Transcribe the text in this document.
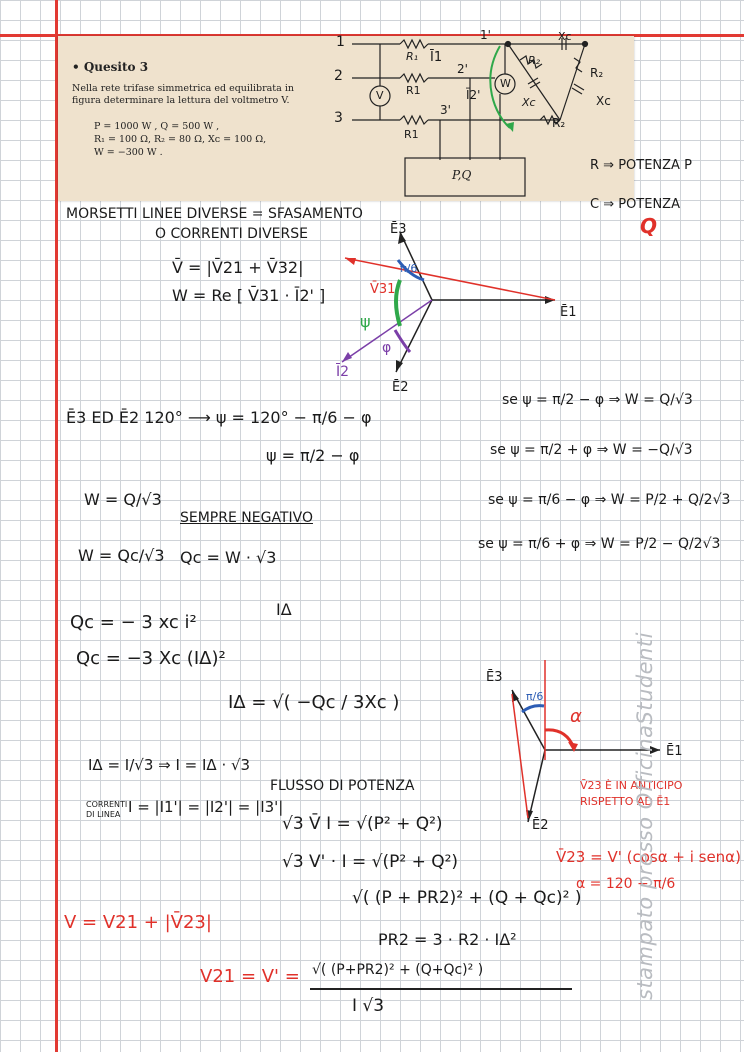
• Quesito 3
Nella rete trifase simmetrica ed equilibrata in figura determinare la lettura del voltmetro V.
P = 1000 W , Q = 500 W ,
R₁ = 100 Ω, R₂ = 80 Ω, Xᴄ = 100 Ω,
W = −300 W .
1
2
3
1'
2'
3'
R₁
R1
R1
Ī1
Ī2'
V
W
Xc
Xc	Xc
R₂
R₂
R₂
P,Q
R ⇒ POTENZA P
C ⇒ POTENZA
Q
MORSETTI LINEE DIVERSE = SFASAMENTO
O CORRENTI DIVERSE
V̄ = |V̄21 + V̄32|
W = Re [ V̄31 · Ī2' ]
Ē3
Ē1
Ē2
V̄31
Ī2
ψ
φ
π/6
Ē3 ED Ē2 120° ⟶ ψ = 120° − π/6 − φ
ψ = π/2 − φ
se ψ = π/2 − φ ⇒ W = Q/√3
se ψ = π/2 + φ ⇒ W = −Q/√3
se ψ = π/6 − φ ⇒ W = P/2 + Q/2√3
se ψ = π/6 + φ ⇒ W = P/2 − Q/2√3
W = Q/√3
SEMPRE NEGATIVO
W = Qc/√3 Qc = W · √3
Qc = − 3 xc i²
IΔ
Qc = −3 Xc (IΔ)²
IΔ = √( −Qc / 3Xc )
IΔ = I/√3 ⇒ I = IΔ · √3
FLUSSO DI POTENZA
CORRENTI DI LINEA I = |I1'| = |I2'| = |I3'|
√3 V̄ I = √(P² + Q²)
√3 V' · I = √(P² + Q²)
√( (P + PR2)² + (Q + Qc)² )
PR2 = 3 · R2 · IΔ²
V = V21 + |V̄23|
V21 = V' = √( (P+PR2)² + (Q+Qc)² )
I √3
Ē3
Ē1
Ē2
α
π/6
V̄23 È IN ANTICIPO RISPETTO AD Ē1
V̄23 = V' (cosα + i senα)
α = 120 − π/6
stampato presso OfficinaStudenti
